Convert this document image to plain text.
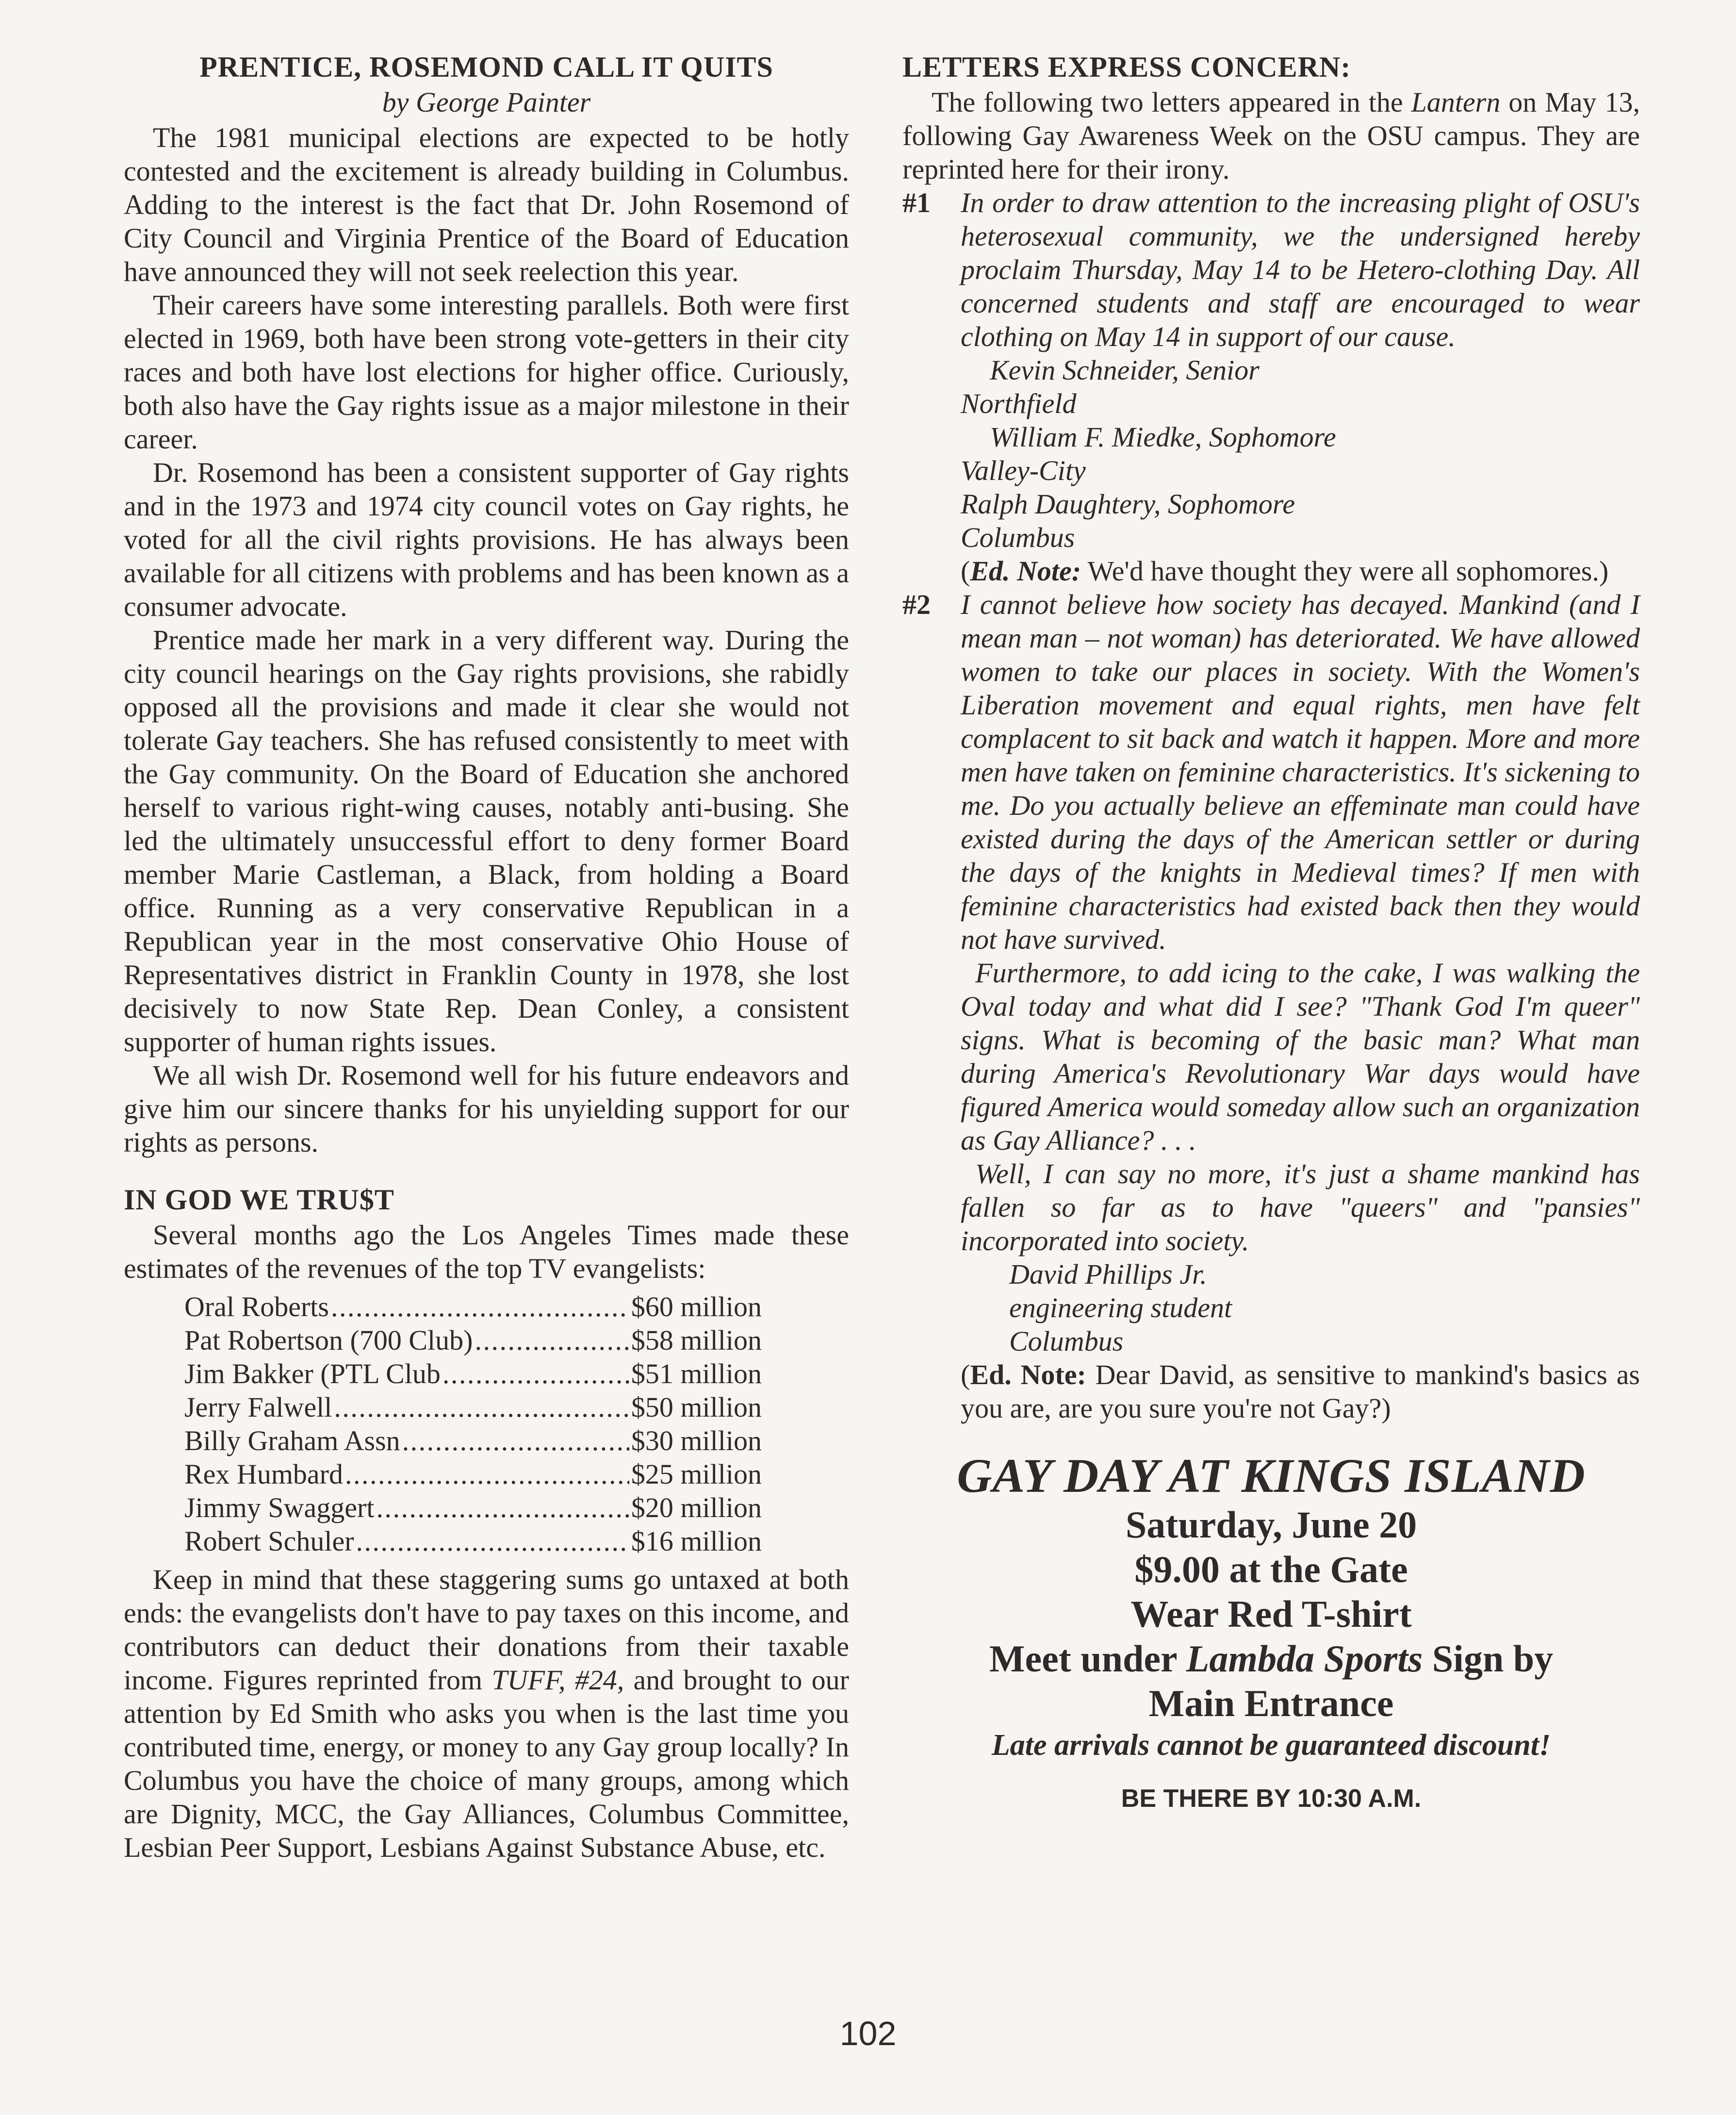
PRENTICE, ROSEMOND CALL IT QUITS
by George Painter

The 1981 municipal elections are expected to be hotly contested and the excitement is already building in Columbus. Adding to the interest is the fact that Dr. John Rosemond of City Council and Virginia Prentice of the Board of Education have announced they will not seek reelection this year.

Their careers have some interesting parallels. Both were first elected in 1969, both have been strong vote-getters in their city races and both have lost elections for higher office. Curiously, both also have the Gay rights issue as a major milestone in their career.

Dr. Rosemond has been a consistent supporter of Gay rights and in the 1973 and 1974 city council votes on Gay rights, he voted for all the civil rights provisions. He has always been available for all citizens with problems and has been known as a consumer advocate.

Prentice made her mark in a very different way. During the city council hearings on the Gay rights provisions, she rabidly opposed all the provisions and made it clear she would not tolerate Gay teachers. She has refused consistently to meet with the Gay community. On the Board of Education she anchored herself to various right-wing causes, notably anti-busing. She led the ultimately unsuccessful effort to deny former Board member Marie Castleman, a Black, from holding a Board office. Running as a very conservative Republican in a Republican year in the most conservative Ohio House of Representatives district in Franklin County in 1978, she lost decisively to now State Rep. Dean Conley, a consistent supporter of human rights issues.

We all wish Dr. Rosemond well for his future endeavors and give him our sincere thanks for his unyielding support for our rights as persons.

IN GOD WE TRU$T

Several months ago the Los Angeles Times made these estimates of the revenues of the top TV evangelists:

Oral Roberts . . .	$60 million
Pat Robertson (700 Club) . . .	$58 million
Jim Bakker (PTL Club . . .	$51 million
Jerry Falwell . . .	$50 million
Billy Graham Assn . . .	$30 million
Rex Humbard . . .	$25 million
Jimmy Swaggert . . .	$20 million
Robert Schuler . . .	$16 million

Keep in mind that these staggering sums go untaxed at both ends: the evangelists don't have to pay taxes on this income, and contributors can deduct their donations from their taxable income. Figures reprinted from TUFF, #24, and brought to our attention by Ed Smith who asks you when is the last time you contributed time, energy, or money to any Gay group locally? In Columbus you have the choice of many groups, among which are Dignity, MCC, the Gay Alliances, Columbus Committee, Lesbian Peer Support, Lesbians Against Substance Abuse, etc.

LETTERS EXPRESS CONCERN:

The following two letters appeared in the Lantern on May 13, following Gay Awareness Week on the OSU campus. They are reprinted here for their irony.

#1	In order to draw attention to the increasing plight of OSU's heterosexual community, we the undersigned hereby proclaim Thursday, May 14 to be Hetero-clothing Day. All concerned students and staff are encouraged to wear clothing on May 14 in support of our cause.
Kevin Schneider, Senior
Northfield
William F. Miedke, Sophomore
Valley-City
Ralph Daughtery, Sophomore
Columbus
(Ed. Note: We'd have thought they were all sophomores.)
#2	I cannot believe how society has decayed. Mankind (and I mean man – not woman) has deteriorated. We have allowed women to take our places in society. With the Women's Liberation movement and equal rights, men have felt complacent to sit back and watch it happen. More and more men have taken on feminine characteristics. It's sickening to me. Do you actually believe an effeminate man could have existed during the days of the American settler or during the days of the knights in Medieval times? If men with feminine characteristics had existed back then they would not have survived.
Furthermore, to add icing to the cake, I was walking the Oval today and what did I see? "Thank God I'm queer" signs. What is becoming of the basic man? What man during America's Revolutionary War days would have figured America would someday allow such an organization as Gay Alliance? . . .
Well, I can say no more, it's just a shame mankind has fallen so far as to have "queers" and "pansies" incorporated into society.
David Phillips Jr.
engineering student
Columbus
(Ed. Note: Dear David, as sensitive to mankind's basics as you are, are you sure you're not Gay?)
GAY DAY AT KINGS ISLAND
Saturday, June 20
$9.00 at the Gate
Wear Red T-shirt
Meet under Lambda Sports Sign by
Main Entrance
Late arrivals cannot be guaranteed discount!
BE THERE BY 10:30 A.M.
102
